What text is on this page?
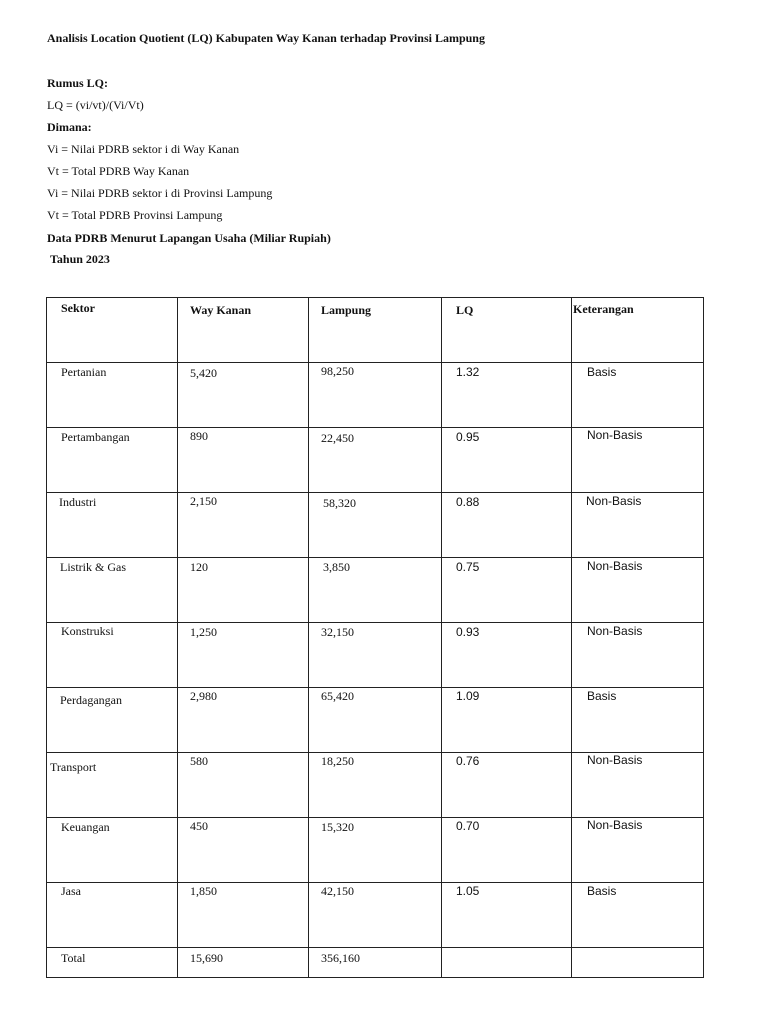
Analisis Location Quotient (LQ) Kabupaten Way Kanan terhadap Provinsi Lampung
Rumus LQ:
LQ = (vi/vt)/(Vi/Vt)
Dimana:
Vi = Nilai PDRB sektor i di Way Kanan
Vt = Total PDRB Way Kanan
Vi = Nilai PDRB sektor i di Provinsi Lampung
Vt = Total PDRB Provinsi Lampung
Data PDRB Menurut Lapangan Usaha (Miliar Rupiah)
Tahun 2023
Sektor	Way Kanan	Lampung	LQ	Keterangan

Pertanian	5,420	98,250	1.32	Basis

Pertambangan	890	22,450	0.95	Non-Basis

Industri	2,150	58,320	0.88	Non-Basis

Listrik & Gas	120	3,850	0.75	Non-Basis

Konstruksi	1,250	32,150	0.93	Non-Basis

Perdagangan	2,980	65,420	1.09	Basis

Transport	580	18,250	0.76	Non-Basis

Keuangan	450	15,320	0.70	Non-Basis

Jasa	1,850	42,150	1.05	Basis

Total	15,690	356,160		
